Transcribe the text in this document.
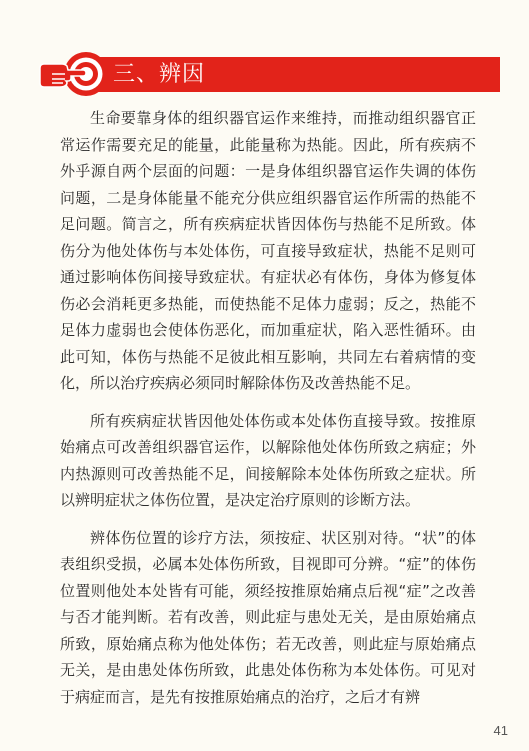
三、辨因

生命要靠身体的组织器官运作来维持，而推动组织器官正常运作需要充足的能量，此能量称为热能。因此，所有疾病不外乎源自两个层面的问题：一是身体组织器官运作失调的体伤问题，二是身体能量不能充分供应组织器官运作所需的热能不足问题。简言之，所有疾病症状皆因体伤与热能不足所致。体伤分为他处体伤与本处体伤，可直接导致症状，热能不足则可通过影响体伤间接导致症状。有症状必有体伤，身体为修复体伤必会消耗更多热能，而使热能不足体力虚弱；反之，热能不足体力虚弱也会使体伤恶化，而加重症状，陷入恶性循环。由此可知，体伤与热能不足彼此相互影响，共同左右着病情的变化，所以治疗疾病必须同时解除体伤及改善热能不足。

所有疾病症状皆因他处体伤或本处体伤直接导致。按推原始痛点可改善组织器官运作，以解除他处体伤所致之病症；外内热源则可改善热能不足，间接解除本处体伤所致之症状。所以辨明症状之体伤位置，是决定治疗原则的诊断方法。

辨体伤位置的诊疗方法，须按症、状区别对待。“状”的体表组织受损，必属本处体伤所致，目视即可分辨。“症”的体伤位置则他处本处皆有可能，须经按推原始痛点后视“症”之改善与否才能判断。若有改善，则此症与患处无关，是由原始痛点所致，原始痛点称为他处体伤；若无改善，则此症与原始痛点无关，是由患处体伤所致，此患处体伤称为本处体伤。可见对于病症而言，是先有按推原始痛点的治疗，之后才有辨

41
